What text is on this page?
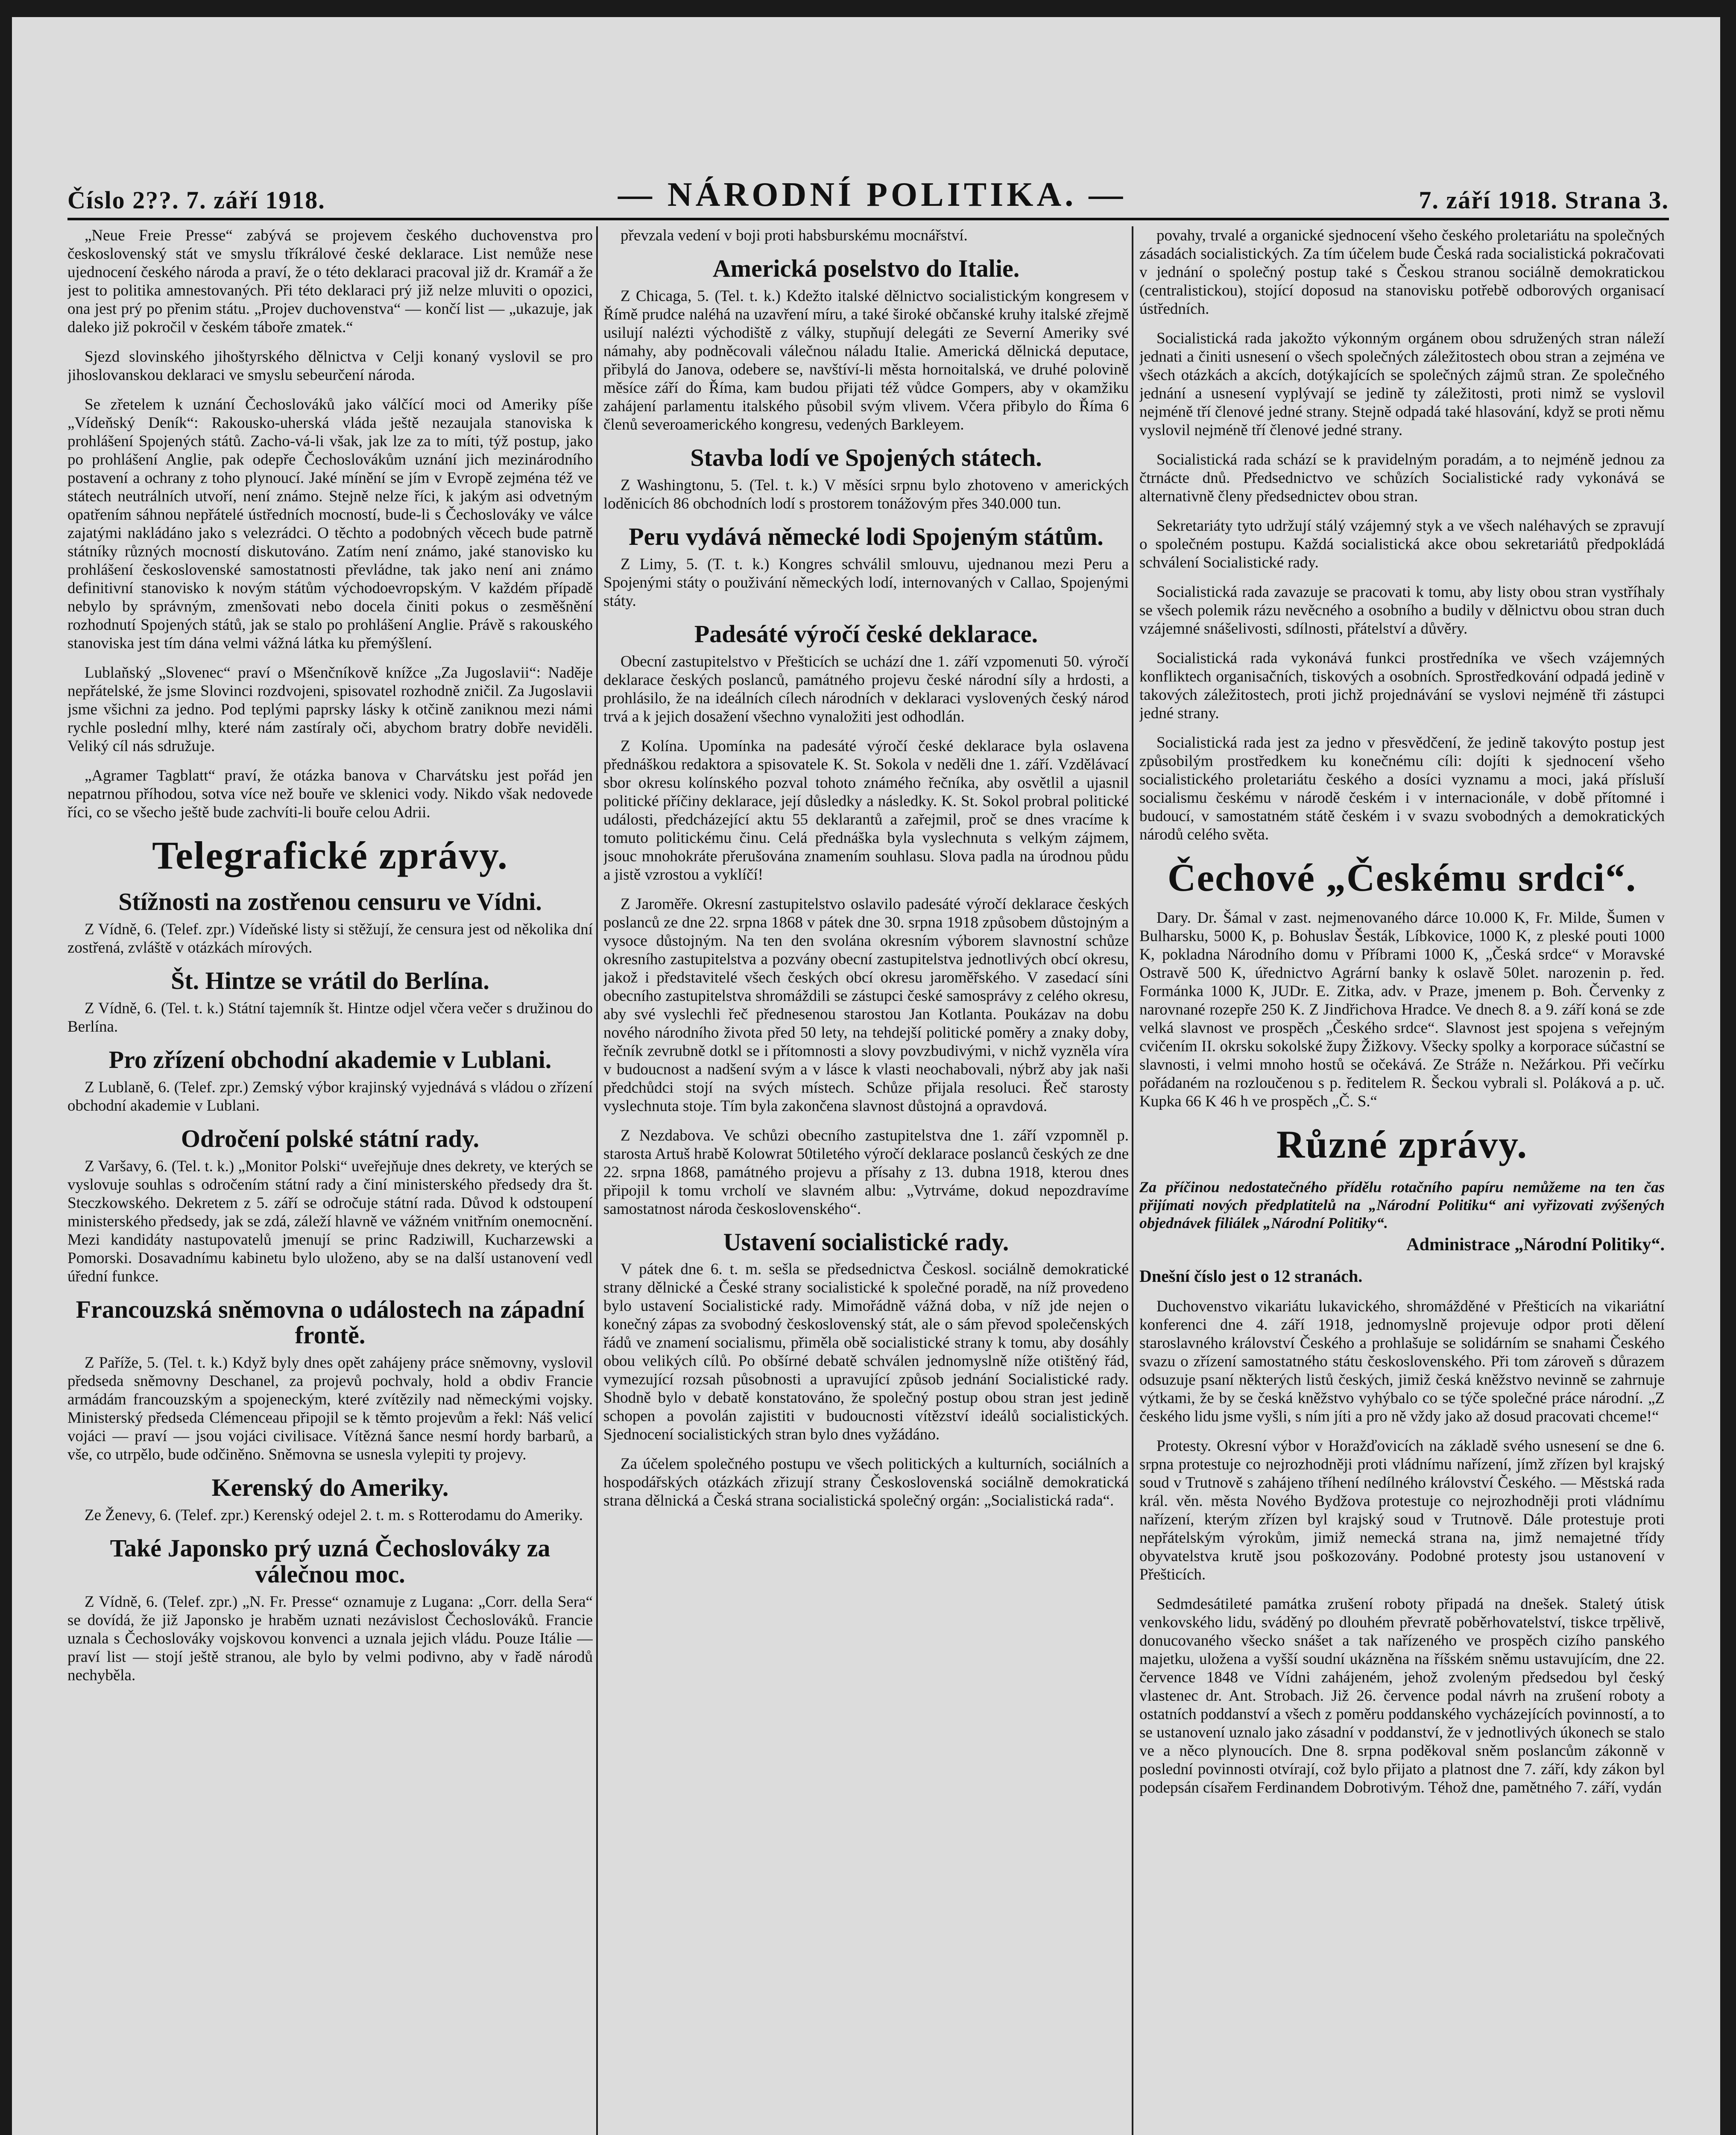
Číslo 2??. 7. září 1918.	— NÁRODNÍ POLITIKA. —	7. září 1918. Strana 3.
„Neue Freie Presse“ zabývá se projevem českého duchovenstva pro československý stát ve smyslu tříkrálové české deklarace. List nemůže nese ujednocení českého národa a praví, že o této deklaraci pracoval již dr. Kramář a že jest to politika amnestovaných. Při této deklaraci prý již nelze mluviti o opozici, ona jest prý po přenim státu. „Projev duchovenstva“ — končí list — „ukazuje, jak daleko již pokročil v českém táboře zmatek.“
Sjezd slovinského jihoštyrského dělnictva v Celji konaný vyslovil se pro jihoslovanskou deklaraci ve smyslu sebeurčení národa.
Se zřetelem k uznání Čechoslováků jako válčící moci od Ameriky píše „Vídeňský Deník“: Rakousko-uherská vláda ještě nezaujala stanoviska k prohlášení Spojených států. Zacho-vá-li však, jak lze za to míti, týž postup, jako po prohlášení Anglie, pak odepře Čechoslovákům uznání jich mezinárodního postavení a ochrany z toho plynoucí. Jaké mínění se jím v Evropě zejména též ve státech neutrálních utvoří, není známo. Stejně nelze říci, k jakým asi odvetným opatřením sáhnou nepřátelé ústředních mocností, bude-li s Čechoslováky ve válce zajatými nakládáno jako s velezrádci. O těchto a podobných věcech bude patrně státníky různých mocností diskutováno. Zatím není známo, jaké stanovisko ku prohlášení československé samostatnosti převládne, tak jako není ani známo definitivní stanovisko k novým státům východoevropským. V každém případě nebylo by správným, zmenšovati nebo docela činiti pokus o zesměšnění rozhodnutí Spojených států, jak se stalo po prohlášení Anglie. Právě s rakouského stanoviska jest tím dána velmi vážná látka ku přemýšlení.
Lublaňský „Slovenec“ praví o Mšenčníkově knížce „Za Jugoslavii“: Naděje nepřátelské, že jsme Slovinci rozdvojeni, spisovatel rozhodně zničil. Za Jugoslavii jsme všichni za jedno. Pod teplými paprsky lásky k otčině zaniknou mezi námi rychle poslední mlhy, které nám zastíraly oči, abychom bratry dobře neviděli. Veliký cíl nás sdružuje.
„Agramer Tagblatt“ praví, že otázka banova v Charvátsku jest pořád jen nepatrnou příhodou, sotva více než bouře ve sklenici vody. Nikdo však nedovede říci, co se všecho ještě bude zachvíti-li bouře celou Adrii.
Telegrafické zprávy.
Stížnosti na zostřenou censuru ve Vídni.
Z Vídně, 6. (Telef. zpr.) Vídeňské listy si stěžují, že censura jest od několika dní zostřená, zvláště v otázkách mírových.
Št. Hintze se vrátil do Berlína.
Z Vídně, 6. (Tel. t. k.) Státní tajemník št. Hintze odjel včera večer s družinou do Berlína.
Pro zřízení obchodní akademie v Lublani.
Z Lublaně, 6. (Telef. zpr.) Zemský výbor krajinský vyjednává s vládou o zřízení obchodní akademie v Lublani.
Odročení polské státní rady.
Z Varšavy, 6. (Tel. t. k.) „Monitor Polski“ uveřejňuje dnes dekrety, ve kterých se vyslovuje souhlas s odročením státní rady a činí ministerského předsedy dra št. Steczkowského. Dekretem z 5. září se odročuje státní rada. Důvod k odstoupení ministerského předsedy, jak se zdá, záleží hlavně ve vážném vnitřním onemocnění. Mezi kandidáty nastupovatelů jmenují se princ Radziwill, Kucharzewski a Pomorski. Dosavadnímu kabinetu bylo uloženo, aby se na další ustanovení vedl úřední funkce.
Francouzská sněmovna o událostech na západní frontě.
Z Paříže, 5. (Tel. t. k.) Když byly dnes opět zahájeny práce sněmovny, vyslovil předseda sněmovny Deschanel, za projevů pochvaly, hold a obdiv Francie armádám francouzským a spojeneckým, které zvítězily nad německými vojsky. Ministerský předseda Clémenceau připojil se k těmto projevům a řekl: Náš velicí vojáci — praví — jsou vojáci civilisace. Vítězná šance nesmí hordy barbarů, a vše, co utrpělo, bude odčiněno. Sněmovna se usnesla vylepiti ty projevy.
Kerenský do Ameriky.
Ze Ženevy, 6. (Telef. zpr.) Kerenský odejel 2. t. m. s Rotterodamu do Ameriky.
Také Japonsko prý uzná Čechoslováky za válečnou moc.
Z Vídně, 6. (Telef. zpr.) „N. Fr. Presse“ oznamuje z Lugana: „Corr. della Sera“ se dovídá, že již Japonsko je hraběm uznati nezávislost Čechoslováků. Francie uznala s Čechoslováky vojskovou konvenci a uznala jejich vládu. Pouze Itálie — praví list — stojí ještě stranou, ale bylo by velmi podivno, aby v řadě národů nechyběla.
převzala vedení v boji proti habsburskému mocnářství.
Americká poselstvo do Italie.
Z Chicaga, 5. (Tel. t. k.) Kdežto italské dělnictvo socialistickým kongresem v Římě prudce naléhá na uzavření míru, a také široké občanské kruhy italské zřejmě usilují nalézti východiště z války, stupňují delegáti ze Severní Ameriky své námahy, aby podněcovali válečnou náladu Italie. Americká dělnická deputace, přibylá do Janova, odebere se, navštíví-li města hornoitalská, ve druhé polovině měsíce září do Říma, kam budou přijati též vůdce Gompers, aby v okamžiku zahájení parlamentu italského působil svým vlivem. Včera přibylo do Říma 6 členů severoamerického kongresu, vedených Barkleyem.
Stavba lodí ve Spojených státech.
Z Washingtonu, 5. (Tel. t. k.) V měsíci srpnu bylo zhotoveno v amerických loděnicích 86 obchodních lodí s prostorem tonážovým přes 340.000 tun.
Peru vydává německé lodi Spojeným státům.
Z Limy, 5. (T. t. k.) Kongres schválil smlouvu, ujednanou mezi Peru a Spojenými státy o použivání německých lodí, internovaných v Callao, Spojenými státy.
Padesáté výročí české deklarace.
Obecní zastupitelstvo v Přešticích se uchází dne 1. září vzpomenuti 50. výročí deklarace českých poslanců, památného projevu české národní síly a hrdosti, a prohlásilo, že na ideálních cílech národních v deklaraci vyslovených český národ trvá a k jejich dosažení všechno vynaložiti jest odhodlán.
Z Kolína. Upomínka na padesáté výročí české deklarace byla oslavena přednáškou redaktora a spisovatele K. St. Sokola v neděli dne 1. září. Vzdělávací sbor okresu kolínského pozval tohoto známého řečníka, aby osvětlil a ujasnil politické příčiny deklarace, její důsledky a následky. K. St. Sokol probral politické události, předcházející aktu 55 deklarantů a zařejmil, proč se dnes vracíme k tomuto politickému činu. Celá přednáška byla vyslechnuta s velkým zájmem, jsouc mnohokráte přerušována znamením souhlasu. Slova padla na úrodnou půdu a jistě vzrostou a vyklíčí!
Z Jaroměře. Okresní zastupitelstvo oslavilo padesáté výročí deklarace českých poslanců ze dne 22. srpna 1868 v pátek dne 30. srpna 1918 způsobem důstojným a vysoce důstojným. Na ten den svolána okresním výborem slavnostní schůze okresního zastupitelstva a pozvány obecní zastupitelstva jednotlivých obcí okresu, jakož i představitelé všech českých obcí okresu jaroměřského. V zasedací síni obecního zastupitelstva shromáždili se zástupci české samosprávy z celého okresu, aby své vyslechli řeč přednesenou starostou Jan Kotlanta. Poukázav na dobu nového národního života před 50 lety, na tehdejší politické poměry a znaky doby, řečník zevrubně dotkl se i přítomnosti a slovy povzbudivými, v nichž vyzněla víra v budoucnost a nadšení svým a v lásce k vlasti neochabovali, nýbrž aby jak naši předchůdci stojí na svých místech. Schůze přijala resoluci. Řeč starosty vyslechnuta stoje. Tím byla zakončena slavnost důstojná a opravdová.
Z Nezdabova. Ve schůzi obecního zastupitelstva dne 1. září vzpomněl p. starosta Artuš hrabě Kolowrat 50tiletého výročí deklarace poslanců českých ze dne 22. srpna 1868, památného projevu a přísahy z 13. dubna 1918, kterou dnes připojil k tomu vrcholí ve slavném albu: „Vytrváme, dokud nepozdravíme samostatnost národa československého“.
Ustavení socialistické rady.
V pátek dne 6. t. m. sešla se předsednictva Českosl. sociálně demokratické strany dělnické a České strany socialistické k společné poradě, na níž provedeno bylo ustavení Socialistické rady. Mimořádně vážná doba, v níž jde nejen o konečný zápas za svobodný československý stát, ale o sám převod společenských řádů ve znamení socialismu, přiměla obě socialistické strany k tomu, aby dosáhly obou velikých cílů. Po obšírné debatě schválen jednomyslně níže otištěný řád, vymezující rozsah působnosti a upravující způsob jednání Socialistické rady. Shodně bylo v debatě konstatováno, že společný postup obou stran jest jedině schopen a povolán zajistiti v budoucnosti vítězství ideálů socialistických. Sjednocení socialistických stran bylo dnes vyžádáno.
Za účelem společného postupu ve všech politických a kulturních, sociálních a hospodářských otázkách zřizují strany Československá sociálně demokratická strana dělnická a Česká strana socialistická společný orgán: „Socialistická rada“.
povahy, trvalé a organické sjednocení všeho českého proletariátu na společných zásadách socialistických. Za tím účelem bude Česká rada socialistická pokračovati v jednání o společný postup také s Českou stranou sociálně demokratickou (centralistickou), stojící doposud na stanovisku potřebě odborových organisací ústředních.
Socialistická rada jakožto výkonným orgánem obou sdružených stran náleží jednati a činiti usnesení o všech společných záležitostech obou stran a zejména ve všech otázkách a akcích, dotýkajících se společných zájmů stran. Ze společného jednání a usnesení vyplývají se jedině ty záležitosti, proti nimž se vyslovil nejméně tří členové jedné strany. Stejně odpadá také hlasování, když se proti němu vyslovil nejméně tří členové jedné strany.
Socialistická rada schází se k pravidelným poradám, a to nejméně jednou za čtrnácte dnů. Předsednictvo ve schůzích Socialistické rady vykonává se alternativně členy předsednictev obou stran.
Sekretariáty tyto udržují stálý vzájemný styk a ve všech naléhavých se zpravují o společném postupu. Každá socialistická akce obou sekretariátů předpokládá schválení Socialistické rady.
Socialistická rada zavazuje se pracovati k tomu, aby listy obou stran vystříhaly se všech polemik rázu nevěcného a osobního a budily v dělnictvu obou stran duch vzájemné snášelivosti, sdílnosti, přátelství a důvěry.
Socialistická rada vykonává funkci prostředníka ve všech vzájemných konfliktech organisačních, tiskových a osobních. Sprostředkování odpadá jedině v takových záležitostech, proti jichž projednávání se vyslovi nejméně tři zástupci jedné strany.
Socialistická rada jest za jedno v přesvědčení, že jedině takovýto postup jest způsobilým prostředkem ku konečnému cíli: dojíti k sjednocení všeho socialistického proletariátu českého a dosíci vyznamu a moci, jaká přísluší socialismu českému v národě českém i v internacionále, v době přítomné i budoucí, v samostatném státě českém i v svazu svobodných a demokratických národů celého světa.
Čechové „Českému srdci“.
Dary. Dr. Šámal v zast. nejmenovaného dárce 10.000 K, Fr. Milde, Šumen v Bulharsku, 5000 K, p. Bohuslav Šesták, Líbkovice, 1000 K, z pleské pouti 1000 K, pokladna Národního domu v Příbrami 1000 K, „Česká srdce“ v Moravské Ostravě 500 K, úřednictvo Agrární banky k oslavě 50let. narozenin p. řed. Formánka 1000 K, JUDr. E. Zitka, adv. v Praze, jmenem p. Boh. Červenky z narovnané rozepře 250 K. Z Jindřichova Hradce. Ve dnech 8. a 9. září koná se zde velká slavnost ve prospěch „Českého srdce“. Slavnost jest spojena s veřejným cvičením II. okrsku sokolské župy Žižkovy. Všecky spolky a korporace súčastní se slavnosti, i velmi mnoho hostů se očekává. Ze Stráže n. Nežárkou. Při večírku pořádaném na rozloučenou s p. ředitelem R. Šeckou vybrali sl. Poláková a p. uč. Kupka 66 K 46 h ve prospěch „Č. S.“
Různé zprávy.
Za příčinou nedostatečného přídělu rotačního papíru nemůžeme na ten čas přijímati nových předplatitelů na „Národní Politiku“ ani vyřizovati zvýšených objednávek filiálek „Národní Politiky“.
Administrace „Národní Politiky“.
Dnešní číslo jest o 12 stranách.
Duchovenstvo vikariátu lukavického, shromážděné v Přešticích na vikariátní konferenci dne 4. září 1918, jednomyslně projevuje odpor proti dělení staroslavného království Českého a prohlašuje se solidárním se snahami Českého svazu o zřízení samostatného státu československého. Při tom zároveň s důrazem odsuzuje psaní některých listů českých, jimiž česká kněžstvo nevinně se zahrnuje výtkami, že by se česká kněžstvo vyhýbalo co se týče společné práce národní. „Z českého lidu jsme vyšli, s ním jíti a pro ně vždy jako až dosud pracovati chceme!“
Protesty. Okresní výbor v Horažďovicích na základě svého usnesení se dne 6. srpna protestuje co nejrozhodněji proti vládnímu nařízení, jímž zřízen byl krajský soud v Trutnově s zahájeno tříhení nedílného království Českého. — Městská rada král. věn. města Nového Bydžova protestuje co nejrozhodněji proti vládnímu nařízení, kterým zřízen byl krajský soud v Trutnově. Dále protestuje proti nepřátelským výrokům, jimiž nemecká strana na, jimž nemajetné třídy obyvatelstva krutě jsou poškozovány. Podobné protesty jsou ustanovení v Přešticích.
Sedmdesátileté památka zrušení roboty připadá na dnešek. Staletý útisk venkovského lidu, sváděný po dlouhém převratě poběrhovatelství, tiskce trpělivě, donucovaného všecko snášet a tak nařízeného ve prospěch cizího panského majetku, uložena a vyšší soudní ukázněna na říšském sněmu ustavujícím, dne 22. července 1848 ve Vídni zahájeném, jehož zvoleným předsedou byl český vlastenec dr. Ant. Strobach. Již 26. července podal návrh na zrušení roboty a ostatních poddanství a všech z poměru poddanského vycházejících povinností, a to se ustanovení uznalo jako zásadní v poddanství, že v jednotlivých úkonech se stalo ve a něco plynoucích. Dne 8. srpna poděkoval sněm poslancům zákonně v poslední povinnosti otvírají, což bylo přijato a platnost dne 7. září, kdy zákon byl podepsán císařem Ferdinandem Dobrotivým. Téhož dne, pamětného 7. září, vydán
